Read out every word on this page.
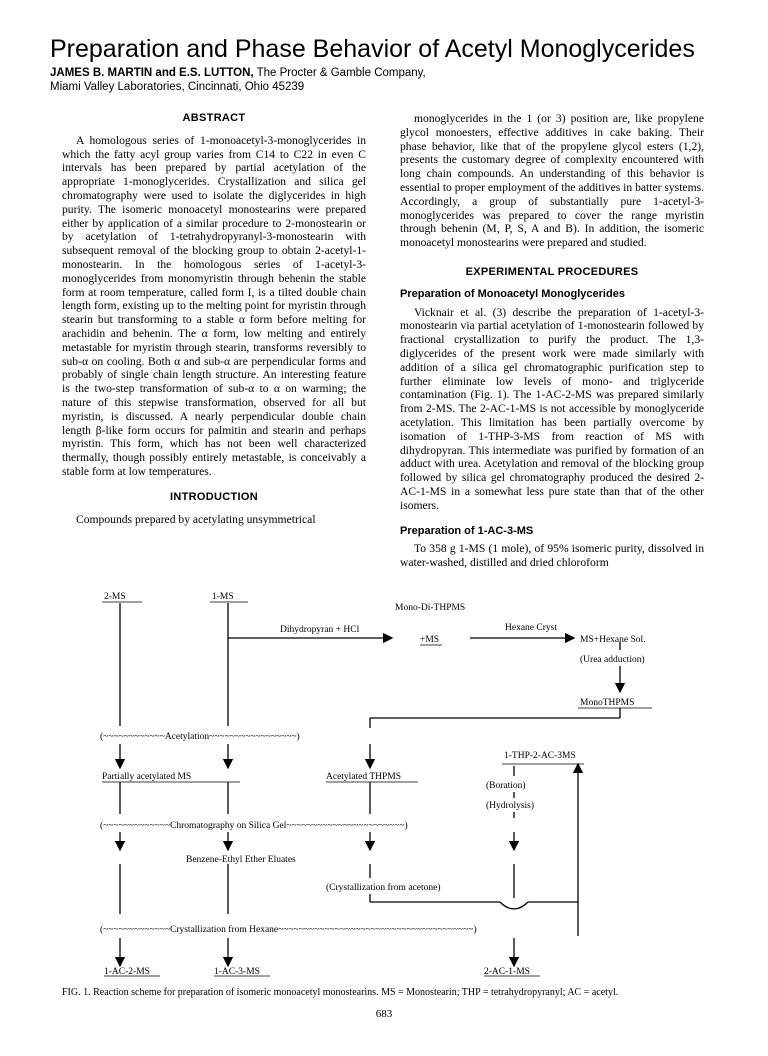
Preparation and Phase Behavior of Acetyl Monoglycerides
JAMES B. MARTIN and E.S. LUTTON, The Procter & Gamble Company,
Miami Valley Laboratories, Cincinnati, Ohio 45239
ABSTRACT

A homologous series of 1-monoacetyl-3-monoglycerides in which the fatty acyl group varies from C14 to C22 in even C intervals has been prepared by partial acetylation of the appropriate 1-monoglycerides. Crystallization and silica gel chromatography were used to isolate the diglycerides in high purity. The isomeric monoacetyl monostearins were prepared either by application of a similar procedure to 2-monostearin or by acetylation of 1-tetrahydropyranyl-3-monostearin with subsequent removal of the blocking group to obtain 2-acetyl-1-monostearin. In the homologous series of 1-acetyl-3-monoglycerides from monomyristin through behenin the stable form at room temperature, called form I, is a tilted double chain length form, existing up to the melting point for myristin through stearin but transforming to a stable α form before melting for arachidin and behenin. The α form, low melting and entirely metastable for myristin through stearin, transforms reversibly to sub-α on cooling. Both α and sub-α are perpendicular forms and probably of single chain length structure. An interesting feature is the two-step transformation of sub-α to α on warming; the nature of this stepwise transformation, observed for all but myristin, is discussed. A nearly perpendicular double chain length β-like form occurs for palmitin and stearin and perhaps myristin. This form, which has not been well characterized thermally, though possibly entirely metastable, is conceivably a stable form at low temperatures.

INTRODUCTION

Compounds prepared by acetylating unsymmetrical

monoglycerides in the 1 (or 3) position are, like propylene glycol monoesters, effective additives in cake baking. Their phase behavior, like that of the propylene glycol esters (1,2), presents the customary degree of complexity encountered with long chain compounds. An understanding of this behavior is essential to proper employment of the additives in batter systems. Accordingly, a group of substantially pure 1-acetyl-3-monoglycerides was prepared to cover the range myristin through behenin (M, P, S, A and B). In addition, the isomeric monoacetyl monostearins were prepared and studied.

EXPERIMENTAL PROCEDURES
Preparation of Monoacetyl Monoglycerides

Vicknair et al. (3) describe the preparation of 1-acetyl-3-monostearin via partial acetylation of 1-monostearin followed by fractional crystallization to purify the product. The 1,3-diglycerides of the present work were made similarly with addition of a silica gel chromatographic purification step to further eliminate low levels of mono- and triglyceride contamination (Fig. 1). The 1-AC-2-MS was prepared similarly from 2-MS. The 2-AC-1-MS is not accessible by monoglyceride acetylation. This limitation has been partially overcome by isomation of 1-THP-3-MS from reaction of MS with dihydropyran. This intermediate was purified by formation of an adduct with urea. Acetylation and removal of the blocking group followed by silica gel chromatography produced the desired 2-AC-1-MS in a somewhat less pure state than that of the other isomers.

Preparation of 1-AC-3-MS

To 358 g 1-MS (1 mole), of 95% isomeric purity, dissolved in water-washed, distilled and dried chloroform

2-MS	1-MS
Mono-Di-THPMS
Dihydropyran + HCl
+MS
Hexane Cryst
MS+Hexane Sol.
(Urea adduction)
MonoTHPMS
(~~~~~~~~~~~~Acetylation~~~~~~~~~~~~~~~~~)
1-THP-2-AC-3MS
Partially acetylated MS	Acetylated THPMS
(Boration)
(Hydrolysis)
(~~~~~~~~~~~~~Chromatography on Silica Gel~~~~~~~~~~~~~~~~~~~~~~~)
Benzene-Ethyl Ether Eluates
(Crystallization from acetone)
(~~~~~~~~~~~~~Crystallization from Hexane~~~~~~~~~~~~~~~~~~~~~~~~~~~~~~~~~~~~~~)
1-AC-2-MS	1-AC-3-MS	2-AC-1-MS
FIG. 1. Reaction scheme for preparation of isomeric monoacetyl monostearins. MS = Monostearin; THP = tetrahydropyranyl; AC = acetyl.
683
